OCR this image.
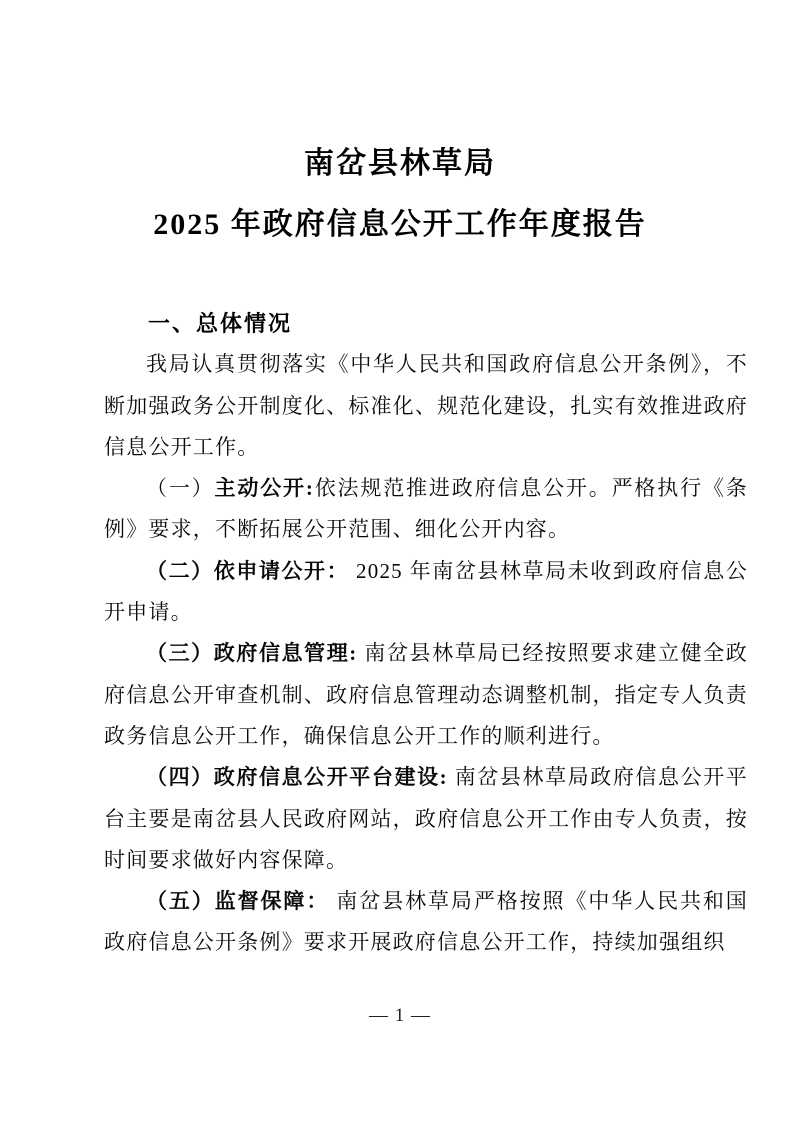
南岔县林草局
2025 年政府信息公开工作年度报告
一、总体情况

我局认真贯彻落实《中华人民共和国政府信息公开条例》，不断加强政务公开制度化、标准化、规范化建设，扎实有效推进政府信息公开工作。

（一）主动公开:依法规范推进政府信息公开。严格执行《条例》要求，不断拓展公开范围、细化公开内容。

（二）依申请公开： 2025 年南岔县林草局未收到政府信息公开申请。

（三）政府信息管理: 南岔县林草局已经按照要求建立健全政府信息公开审查机制、政府信息管理动态调整机制，指定专人负责政务信息公开工作，确保信息公开工作的顺利进行。

（四）政府信息公开平台建设: 南岔县林草局政府信息公开平台主要是南岔县人民政府网站，政府信息公开工作由专人负责，按时间要求做好内容保障。

（五）监督保障： 南岔县林草局严格按照《中华人民共和国政府信息公开条例》要求开展政府信息公开工作，持续加强组织

— 1 —
